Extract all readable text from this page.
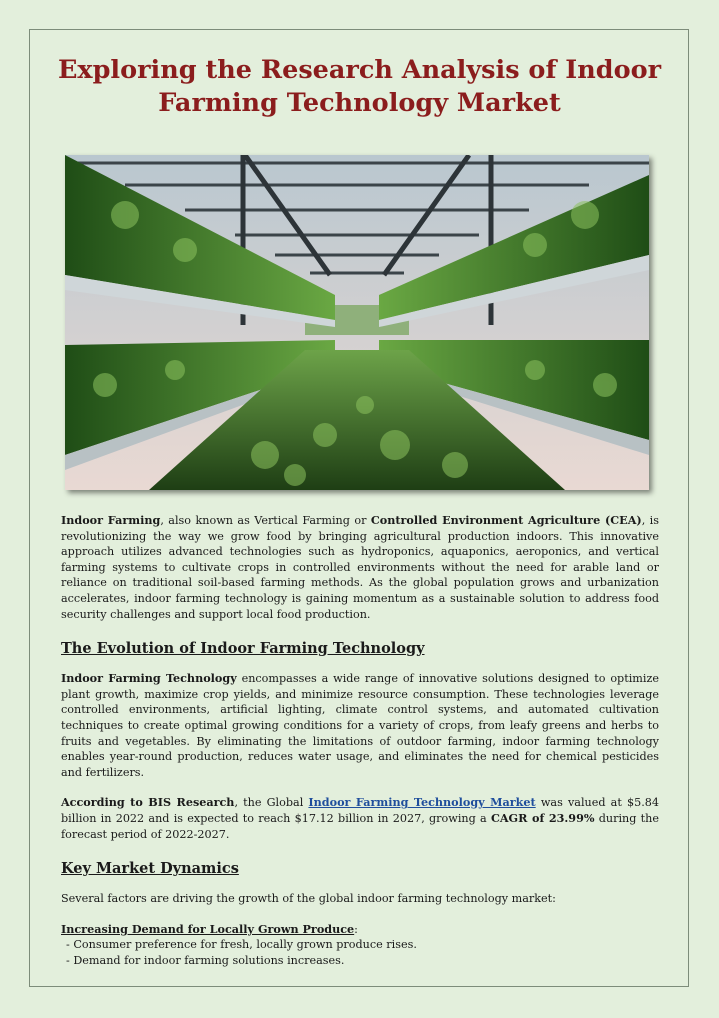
Exploring the Research Analysis of Indoor Farming Technology Market

Indoor Farming, also known as Vertical Farming or Controlled Environment Agriculture (CEA), is revolutionizing the way we grow food by bringing agricultural production indoors. This innovative approach utilizes advanced technologies such as hydroponics, aquaponics, aeroponics, and vertical farming systems to cultivate crops in controlled environments without the need for arable land or reliance on traditional soil-based farming methods. As the global population grows and urbanization accelerates, indoor farming technology is gaining momentum as a sustainable solution to address food security challenges and support local food production.

The Evolution of Indoor Farming Technology

Indoor Farming Technology encompasses a wide range of innovative solutions designed to optimize plant growth, maximize crop yields, and minimize resource consumption. These technologies leverage controlled environments, artificial lighting, climate control systems, and automated cultivation techniques to create optimal growing conditions for a variety of crops, from leafy greens and herbs to fruits and vegetables. By eliminating the limitations of outdoor farming, indoor farming technology enables year-round production, reduces water usage, and eliminates the need for chemical pesticides and fertilizers.

According to BIS Research, the Global Indoor Farming Technology Market was valued at $5.84 billion in 2022 and is expected to reach $17.12 billion in 2027, growing a CAGR of 23.99% during the forecast period of 2022-2027.

Key Market Dynamics

Several factors are driving the growth of the global indoor farming technology market:

Increasing Demand for Locally Grown Produce:

- Consumer preference for fresh, locally grown produce rises.
- Demand for indoor farming solutions increases.
